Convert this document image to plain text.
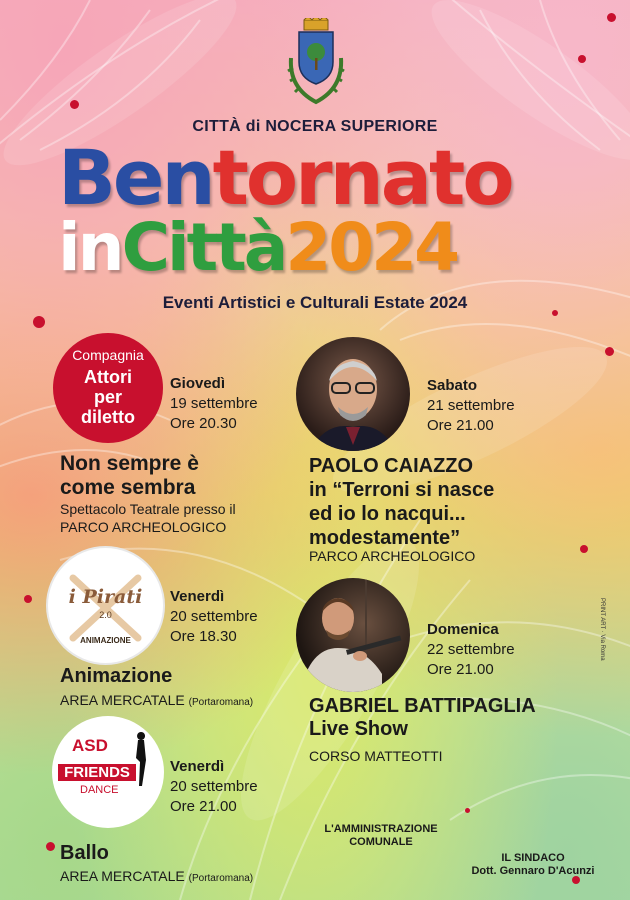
CITTÀ di NOCERA SUPERIORE
Bentornato
inCittà2024
Eventi Artistici e Culturali Estate 2024
Compagnia
Attori
per
diletto
Giovedì
19 settembre
Ore 20.30
Non sempre è
come sembra
Spettacolo Teatrale presso il
PARCO ARCHEOLOGICO
i Pirati
2.0
ANIMAZIONE
Venerdì
20 settembre
Ore 18.30
Animazione
AREA MERCATALE (Portaromana)
ASD
FRIENDS
DANCE
Venerdì
20 settembre
Ore 21.00
Ballo
AREA MERCATALE (Portaromana)
Sabato
21 settembre
Ore 21.00
PAOLO CAIAZZO
in “Terroni si nasce
ed io lo nacqui...
modestamente”
PARCO ARCHEOLOGICO
Domenica
22 settembre
Ore 21.00
GABRIEL BATTIPAGLIA
Live Show
CORSO MATTEOTTI
L'AMMINISTRAZIONE
COMUNALE
IL SINDACO
Dott. Gennaro D'Acunzi
PRINT ART · Via Roma
